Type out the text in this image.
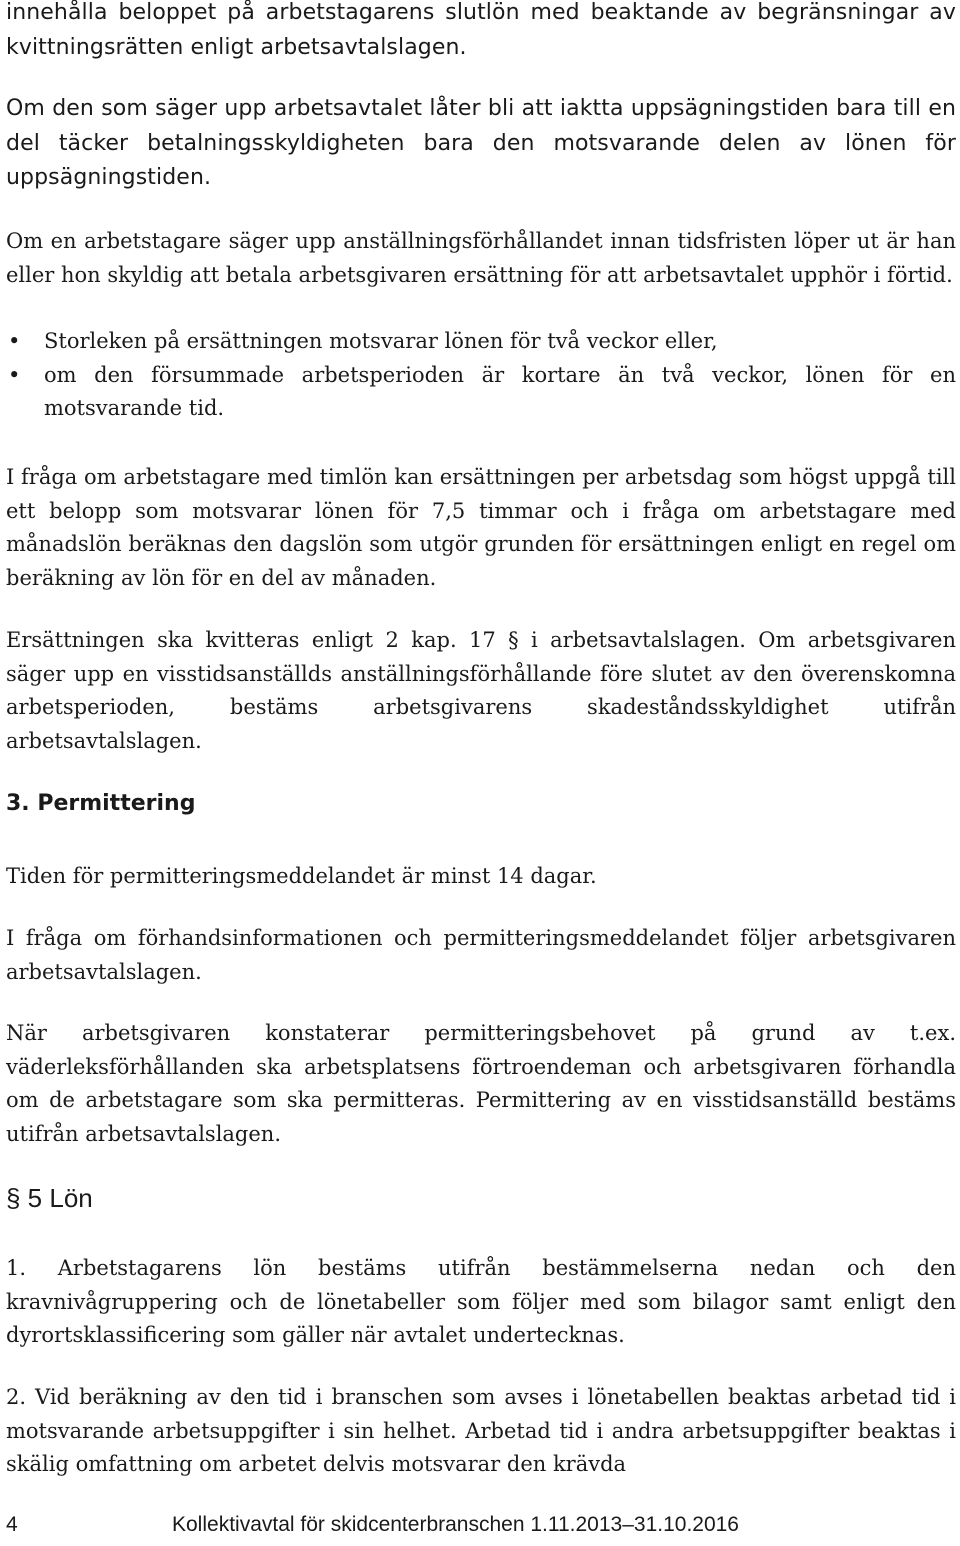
innehålla beloppet på arbetstagarens slutlön med beaktande av begränsningar av kvittningsrätten enligt arbetsavtalslagen.

Om den som säger upp arbetsavtalet låter bli att iaktta uppsägningstiden bara till en del täcker betalningsskyldigheten bara den motsvarande delen av lönen för uppsägningstiden.

Om en arbetstagare säger upp anställningsförhållandet innan tidsfristen löper ut är han eller hon skyldig att betala arbetsgivaren ersättning för att arbetsavtalet upphör i förtid.

• Storleken på ersättningen motsvarar lönen för två veckor eller,
• om den försummade arbetsperioden är kortare än två veckor, lönen för en motsvarande tid.

I fråga om arbetstagare med timlön kan ersättningen per arbetsdag som högst uppgå till ett belopp som motsvarar lönen för 7,5 timmar och i fråga om arbetstagare med månadslön beräknas den dagslön som utgör grunden för ersättningen enligt en regel om beräkning av lön för en del av månaden.

Ersättningen ska kvitteras enligt 2 kap. 17 § i arbetsavtalslagen. Om arbetsgivaren säger upp en visstidsanställds anställningsförhållande före slutet av den överenskomna arbetsperioden, bestäms arbetsgivarens skadeståndsskyldighet utifrån arbetsavtalslagen.

3. Permittering

Tiden för permitteringsmeddelandet är minst 14 dagar.

I fråga om förhandsinformationen och permitteringsmeddelandet följer arbetsgivaren arbetsavtalslagen.

När arbetsgivaren konstaterar permitteringsbehovet på grund av t.ex. väderleksförhållanden ska arbetsplatsens förtroendeman och arbetsgivaren förhandla om de arbetstagare som ska permitteras. Permittering av en visstidsanställd bestäms utifrån arbetsavtalslagen.

§ 5 Lön

1. Arbetstagarens lön bestäms utifrån bestämmelserna nedan och den kravnivågruppering och de lönetabeller som följer med som bilagor samt enligt den dyrortsklassificering som gäller när avtalet undertecknas.

2. Vid beräkning av den tid i branschen som avses i lönetabellen beaktas arbetad tid i motsvarande arbetsuppgifter i sin helhet. Arbetad tid i andra arbetsuppgifter beaktas i skälig omfattning om arbetet delvis motsvarar den krävda

4	Kollektivavtal för skidcenterbranschen 1.11.2013–31.10.2016
